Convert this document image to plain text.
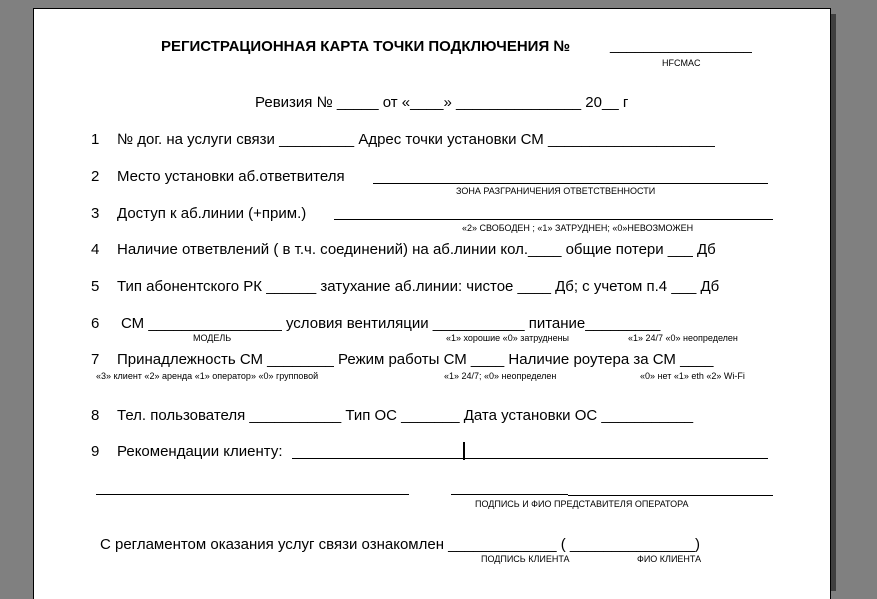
РЕГИСТРАЦИОННАЯ КАРТА ТОЧКИ ПОДКЛЮЧЕНИЯ №	_________________
HFCMAC
Ревизия № _____ от «____» _______________ 20__ г
1 № дог. на услуги связи _________ Адрес точки установки СМ ____________________
2 Место установки аб.ответвителя
ЗОНА РАЗГРАНИЧЕНИЯ ОТВЕТСТВЕННОСТИ
3 Доступ к аб.линии (+прим.)
«2» СВОБОДЕН ; «1» ЗАТРУДНЕН; «0»НЕВОЗМОЖЕН
4 Наличие ответвлений ( в т.ч. соединений) на аб.линии кол.____ общие потери ___ Дб
5 Тип абонентского РК ______ затухание аб.линии: чистое ____ Дб; с учетом п.4 ___ Дб
6 СМ ________________ условия вентиляции ___________ питание_________
МОДЕЛЬ	«1» хорошие «0» затруднены	«1» 24/7 «0» неопределен
7 Принадлежность СМ ________ Режим работы СМ ____ Наличие роутера за СМ ____
«3» клиент «2» аренда «1» оператор» «0» групповой	«1» 24/7; «0» неопределен	«0» нет «1» eth «2» Wi-Fi
8 Тел. пользователя ___________ Тип ОС _______ Дата установки ОС ___________
9 Рекомендации клиенту:
ПОДПИСЬ И ФИО ПРЕДСТАВИТЕЛЯ ОПЕРАТОРА
С регламентом оказания услуг связи ознакомлен _____________ ( _______________)
ПОДПИСЬ КЛИЕНТА	ФИО КЛИЕНТА
